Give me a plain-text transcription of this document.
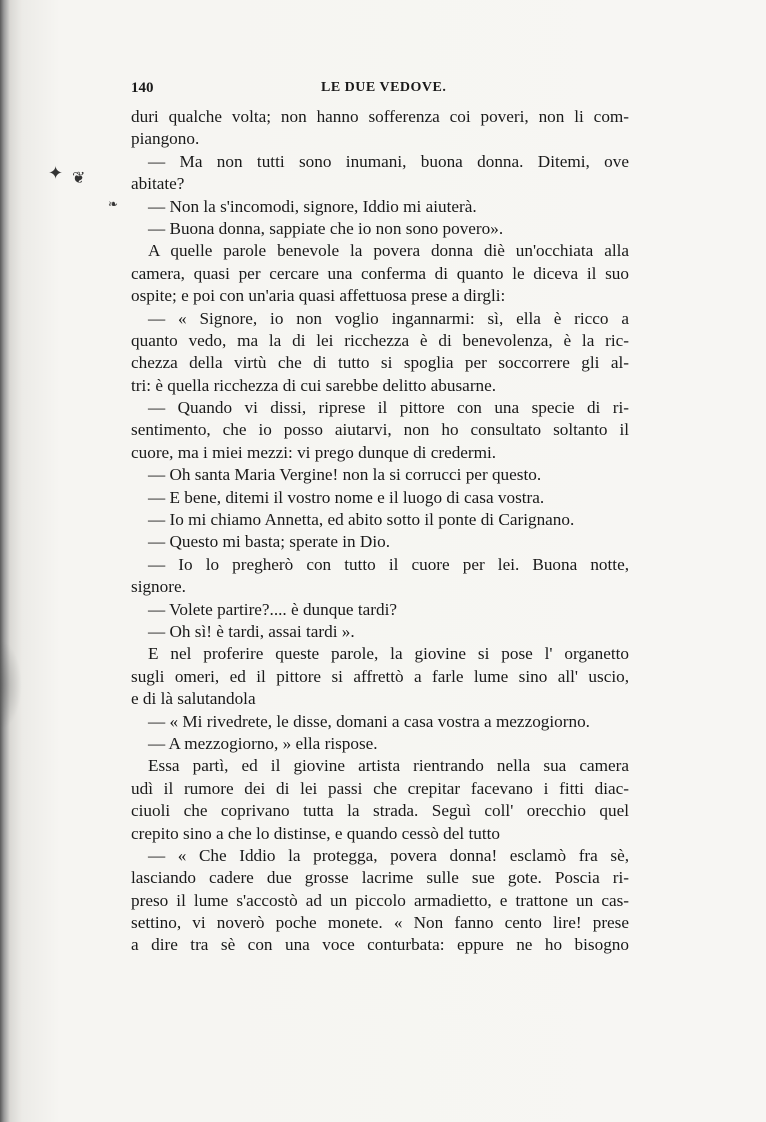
✦ ❦
❧
140	LE DUE VEDOVE.
duri qualche volta; non hanno sofferenza coi poveri, non li com-
piangono.
— Ma non tutti sono inumani, buona donna. Ditemi, ove
abitate?
— Non la s'incomodi, signore, Iddio mi aiuterà.
— Buona donna, sappiate che io non sono povero».
A quelle parole benevole la povera donna diè un'occhiata alla
camera, quasi per cercare una conferma di quanto le diceva il suo
ospite; e poi con un'aria quasi affettuosa prese a dirgli:
— « Signore, io non voglio ingannarmi: sì, ella è ricco a
quanto vedo, ma la di lei ricchezza è di benevolenza, è la ric-
chezza della virtù che di tutto si spoglia per soccorrere gli al-
tri: è quella ricchezza di cui sarebbe delitto abusarne.
— Quando vi dissi, riprese il pittore con una specie di ri-
sentimento, che io posso aiutarvi, non ho consultato soltanto il
cuore, ma i miei mezzi: vi prego dunque di credermi.
— Oh santa Maria Vergine! non la si corrucci per questo.
— E bene, ditemi il vostro nome e il luogo di casa vostra.
— Io mi chiamo Annetta, ed abito sotto il ponte di Carignano.
— Questo mi basta; sperate in Dio.
— Io lo pregherò con tutto il cuore per lei. Buona notte,
signore.
— Volete partire?.... è dunque tardi?
— Oh sì! è tardi, assai tardi ».
E nel proferire queste parole, la giovine si pose l' organetto
sugli omeri, ed il pittore si affrettò a farle lume sino all' uscio,
e di là salutandola
— « Mi rivedrete, le disse, domani a casa vostra a mezzogiorno.
— A mezzogiorno, » ella rispose.
Essa partì, ed il giovine artista rientrando nella sua camera
udì il rumore dei di lei passi che crepitar facevano i fitti diac-
ciuoli che coprivano tutta la strada. Seguì coll' orecchio quel
crepito sino a che lo distinse, e quando cessò del tutto
— « Che Iddio la protegga, povera donna! esclamò fra sè,
lasciando cadere due grosse lacrime sulle sue gote. Poscia ri-
preso il lume s'accostò ad un piccolo armadietto, e trattone un cas-
settino, vi noverò poche monete. « Non fanno cento lire! prese
a dire tra sè con una voce conturbata: eppure ne ho bisogno
